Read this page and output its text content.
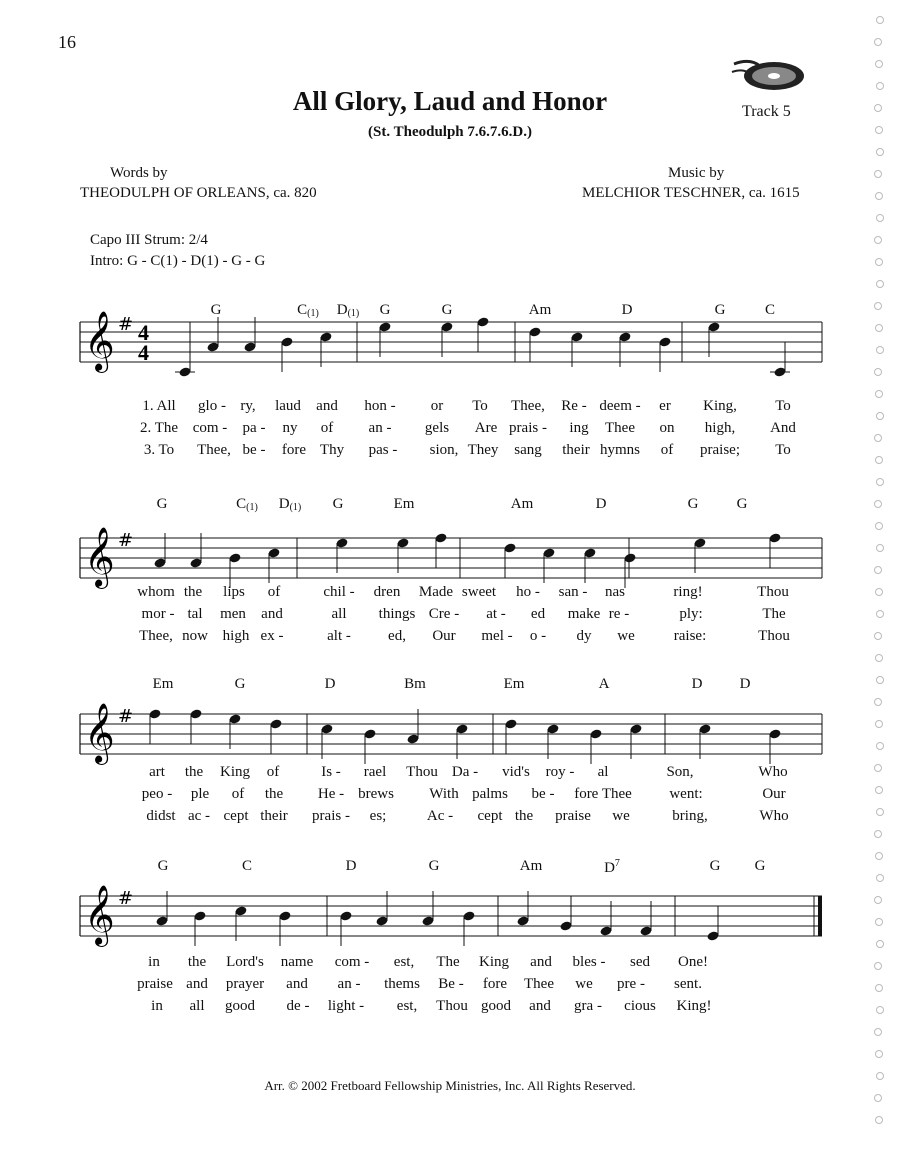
16
Track 5
All Glory, Laud and Honor
(St. Theodulph 7.6.7.6.D.)
Words by
THEODULPH OF ORLEANS, ca. 820
Music by
MELCHIOR TESCHNER, ca. 1615
Capo III Strum: 2/4
Intro: G - C(1) - D(1) - G - G
𝄞 # 4
4
G	$C_{(1)}$ $D_{(1)}$ G	G	Am	D	G	C
1. All glo - ry, laud and hon - or To Thee, Re - deem - er King,	To
2. The com - pa - ny of an - gels Are prais - ing Thee on high, And
3. To Thee, be - fore Thy pas - sion, They sang their hymns of praise; To
𝄞 #
G	$C_{(1)}$ $D_{(1)}$ G	Em	Am	D	G	G
whom the lips of	chil - dren Made sweet ho - san - nas	ring!	Thou
mor - tal men and	all things Cre - at - ed make re -	ply:	The
Thee, now high ex -	alt - ed, Our mel - o - dy we	raise:	Thou
𝄞 #
Em	G	D	Bm	Em	A	D D
art the King of	Is - rael Thou Da - vid's roy - al	Son,	Who
peo - ple of the He - brews With palms be - fore Thee	went:	Our
didst ac - cept their prais - es;	Ac - cept the praise we	bring,	Who
𝄞 #
G	C	D	G	Am	$D^7$	G G
in the Lord's name com - est, The King and bles - sed One!
praise and prayer and an - thems Be - fore Thee we pre - sent.
in all good de - light - est, Thou good and gra - cious King!
Arr. © 2002 Fretboard Fellowship Ministries, Inc. All Rights Reserved.
